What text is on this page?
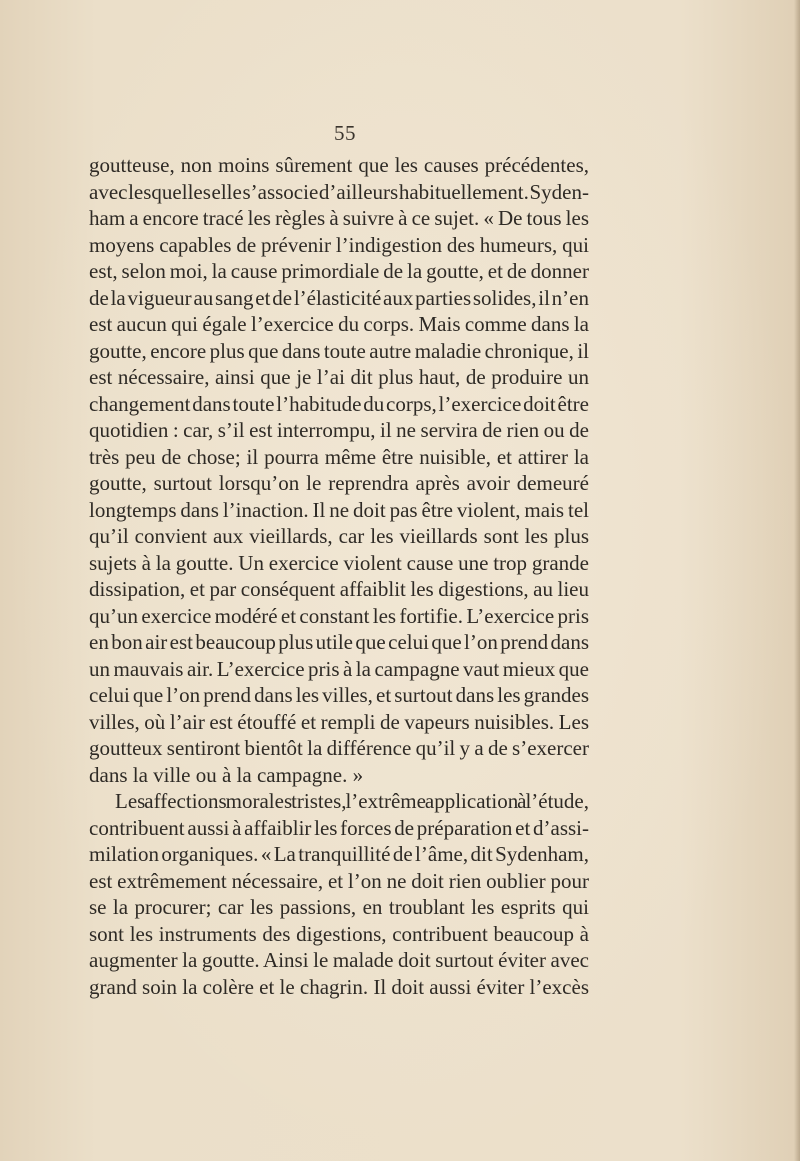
55
goutteuse, non moins sûrement que les causes précédentes,
avec lesquelles elle s’associe d’ailleurs habituellement. Syden-
ham a encore tracé les règles à suivre à ce sujet. « De tous les
moyens capables de prévenir l’indigestion des humeurs, qui
est, selon moi, la cause primordiale de la goutte, et de donner
de la vigueur au sang et de l’élasticité aux parties solides, il n’en
est aucun qui égale l’exercice du corps. Mais comme dans la
goutte, encore plus que dans toute autre maladie chronique, il
est nécessaire, ainsi que je l’ai dit plus haut, de produire un
changement dans toute l’habitude du corps, l’exercice doit être
quotidien : car, s’il est interrompu, il ne servira de rien ou de
très peu de chose; il pourra même être nuisible, et attirer la
goutte, surtout lorsqu’on le reprendra après avoir demeuré
longtemps dans l’inaction. Il ne doit pas être violent, mais tel
qu’il convient aux vieillards, car les vieillards sont les plus
sujets à la goutte. Un exercice violent cause une trop grande
dissipation, et par conséquent affaiblit les digestions, au lieu
qu’un exercice modéré et constant les fortifie. L’exercice pris
en bon air est beaucoup plus utile que celui que l’on prend dans
un mauvais air. L’exercice pris à la campagne vaut mieux que
celui que l’on prend dans les villes, et surtout dans les grandes
villes, où l’air est étouffé et rempli de vapeurs nuisibles. Les
goutteux sentiront bientôt la différence qu’il y a de s’exercer
dans la ville ou à la campagne. »
Les affections morales tristes, l’extrême application à l’étude,
contribuent aussi à affaiblir les forces de préparation et d’assi-
milation organiques. « La tranquillité de l’âme, dit Sydenham,
est extrêmement nécessaire, et l’on ne doit rien oublier pour
se la procurer; car les passions, en troublant les esprits qui
sont les instruments des digestions, contribuent beaucoup à
augmenter la goutte. Ainsi le malade doit surtout éviter avec
grand soin la colère et le chagrin. Il doit aussi éviter l’excès
